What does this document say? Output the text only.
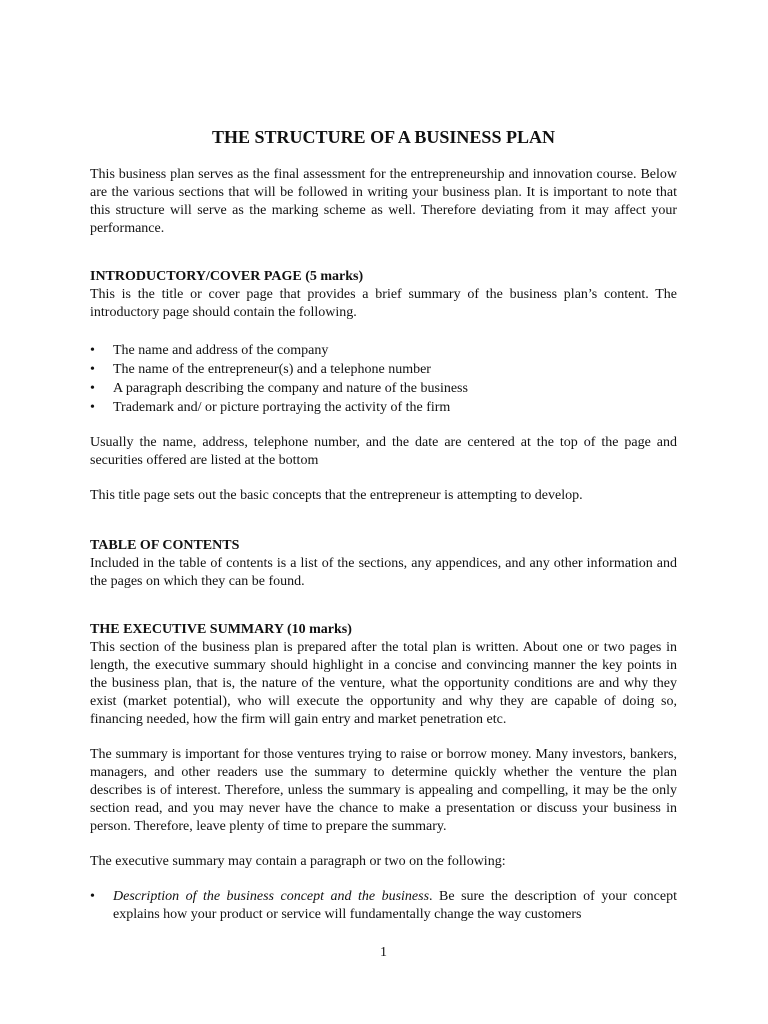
THE STRUCTURE OF A BUSINESS PLAN

This business plan serves as the final assessment for the entrepreneurship and innovation course. Below are the various sections that will be followed in writing your business plan. It is important to note that this structure will serve as the marking scheme as well. Therefore deviating from it may affect your performance.

INTRODUCTORY/COVER PAGE (5 marks)
This is the title or cover page that provides a brief summary of the business plan’s content. The introductory page should contain the following.
• The name and address of the company
• The name of the entrepreneur(s) and a telephone number
• A paragraph describing the company and nature of the business
• Trademark and/ or picture portraying the activity of the firm

Usually the name, address, telephone number, and the date are centered at the top of the page and securities offered are listed at the bottom

This title page sets out the basic concepts that the entrepreneur is attempting to develop.

TABLE OF CONTENTS
Included in the table of contents is a list of the sections, any appendices, and any other information and the pages on which they can be found.
THE EXECUTIVE SUMMARY (10 marks)
This section of the business plan is prepared after the total plan is written. About one or two pages in length, the executive summary should highlight in a concise and convincing manner the key points in the business plan, that is, the nature of the venture, what the opportunity conditions are and why they exist (market potential), who will execute the opportunity and why they are capable of doing so, financing needed, how the firm will gain entry and market penetration etc.

The summary is important for those ventures trying to raise or borrow money. Many investors, bankers, managers, and other readers use the summary to determine quickly whether the venture the plan describes is of interest. Therefore, unless the summary is appealing and compelling, it may be the only section read, and you may never have the chance to make a presentation or discuss your business in person. Therefore, leave plenty of time to prepare the summary.

The executive summary may contain a paragraph or two on the following:

• Description of the business concept and the business. Be sure the description of your concept explains how your product or service will fundamentally change the way customers
1
